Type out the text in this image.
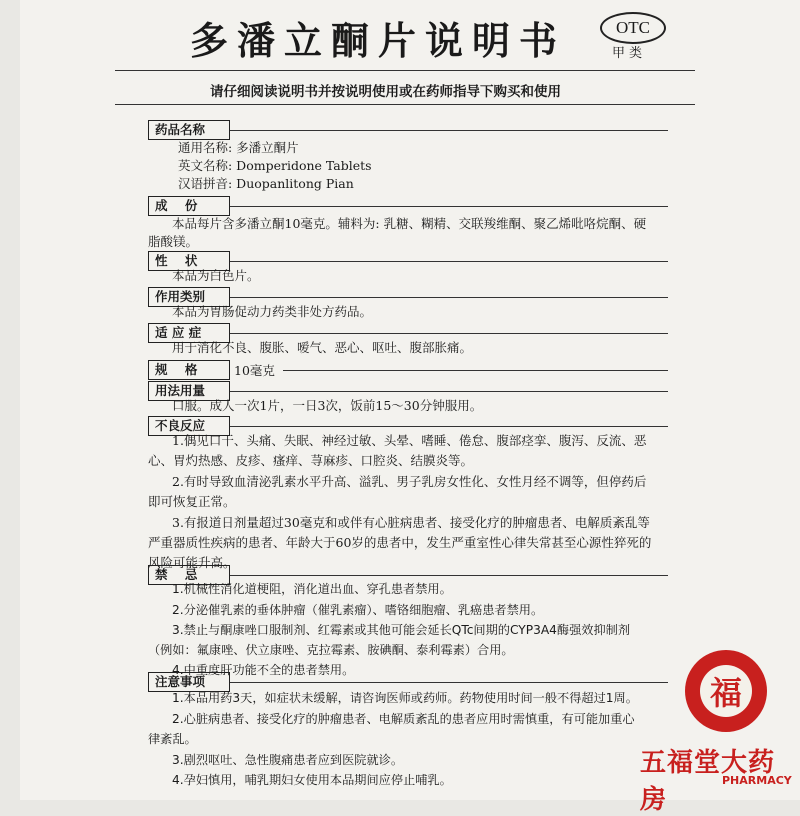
多潘立酮片说明书	OTC
甲类
请仔细阅读说明书并按说明使用或在药师指导下购买和使用
药品名称
通用名称: 多潘立酮片
英文名称: Domperidone Tablets
汉语拼音: Duopanlitong Pian
成    份
本品每片含多潘立酮10毫克。辅料为: 乳糖、糊精、交联羧维酮、聚乙烯吡咯烷酮、硬
脂酸镁。
性    状
本品为白色片。
作用类别
本品为胃肠促动力药类非处方药品。
适 应 症
用于消化不良、腹胀、嗳气、恶心、呕吐、腹部胀痛。
规    格	10毫克
用法用量
口服。成人一次1片，一日3次，饭前15～30分钟服用。
不良反应
1.偶见口干、头痛、失眠、神经过敏、头晕、嗜睡、倦怠、腹部痉挛、腹泻、反流、恶
心、胃灼热感、皮疹、瘙痒、荨麻疹、口腔炎、结膜炎等。
2.有时导致血清泌乳素水平升高、溢乳、男子乳房女性化、女性月经不调等，但停药后
即可恢复正常。
3.有报道日剂量超过30毫克和或伴有心脏病患者、接受化疗的肿瘤患者、电解质紊乱等
严重器质性疾病的患者、年龄大于60岁的患者中，发生严重室性心律失常甚至心源性猝死的
风险可能升高。
禁    忌
1.机械性消化道梗阻，消化道出血、穿孔患者禁用。
2.分泌催乳素的垂体肿瘤（催乳素瘤）、嗜铬细胞瘤、乳癌患者禁用。
3.禁止与酮康唑口服制剂、红霉素或其他可能会延长QTc间期的CYP3A4酶强效抑制剂
（例如：氟康唑、伏立康唑、克拉霉素、胺碘酮、泰利霉素）合用。
4.中重度肝功能不全的患者禁用。
注意事项
1.本品用药3天，如症状未缓解，请咨询医师或药师。药物使用时间一般不得超过1周。
2.心脏病患者、接受化疗的肿瘤患者、电解质紊乱的患者应用时需慎重，有可能加重心
律紊乱。
3.剧烈呕吐、急性腹痛患者应到医院就诊。
4.孕妇慎用，哺乳期妇女使用本品期间应停止哺乳。
福
五福堂大药房
PHARMACY
